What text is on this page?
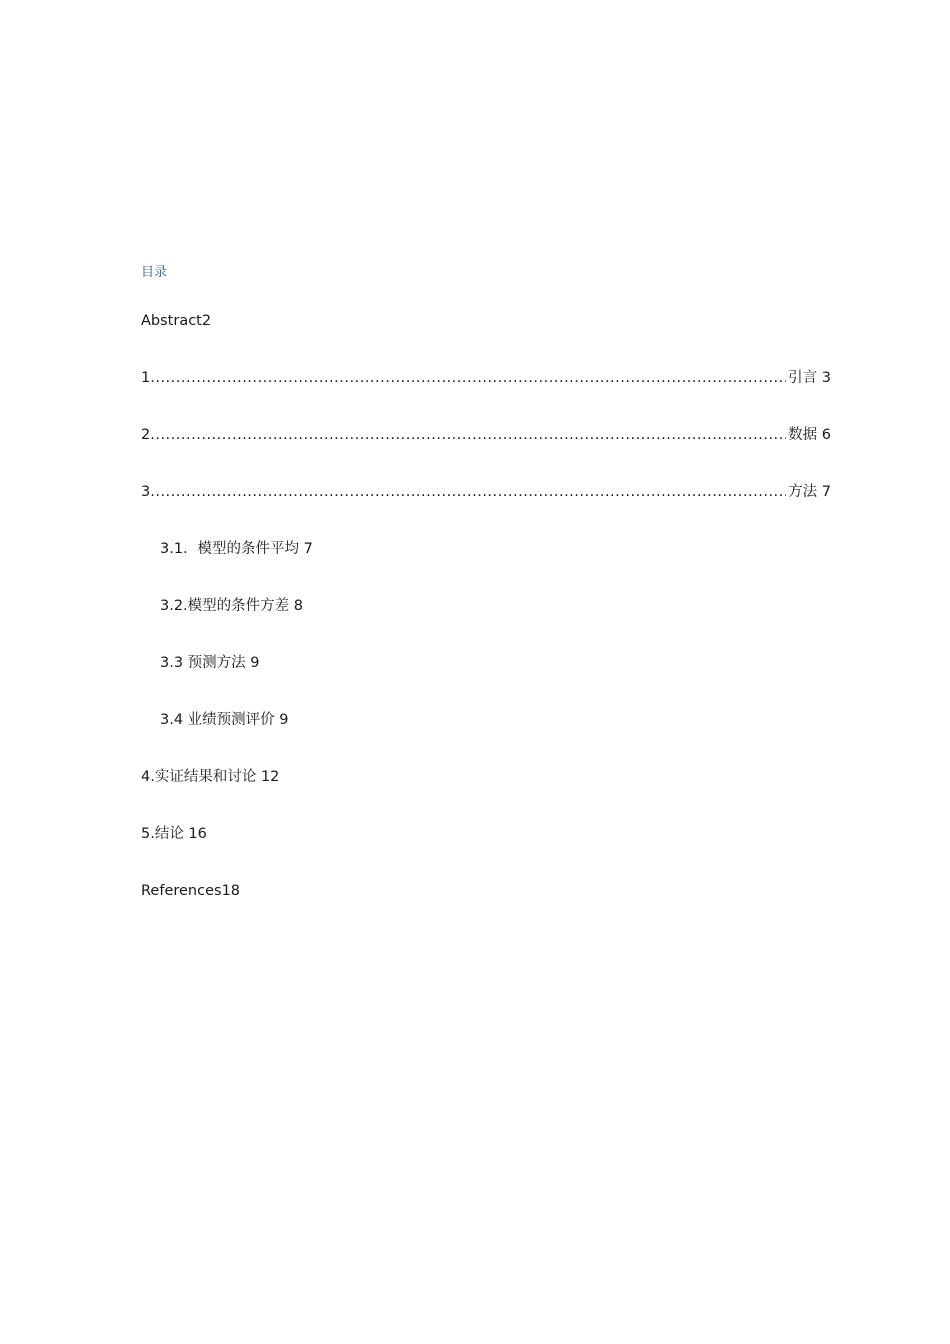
目录
Abstract2
1 .....	引言 3
2 .....	数据 6
3 .....	方法 7
3.1．模型的条件平均 7
3.2.模型的条件方差 8
3.3 预测方法 9
3.4 业绩预测评价 9
4.实证结果和讨论 12
5.结论 16
References18
